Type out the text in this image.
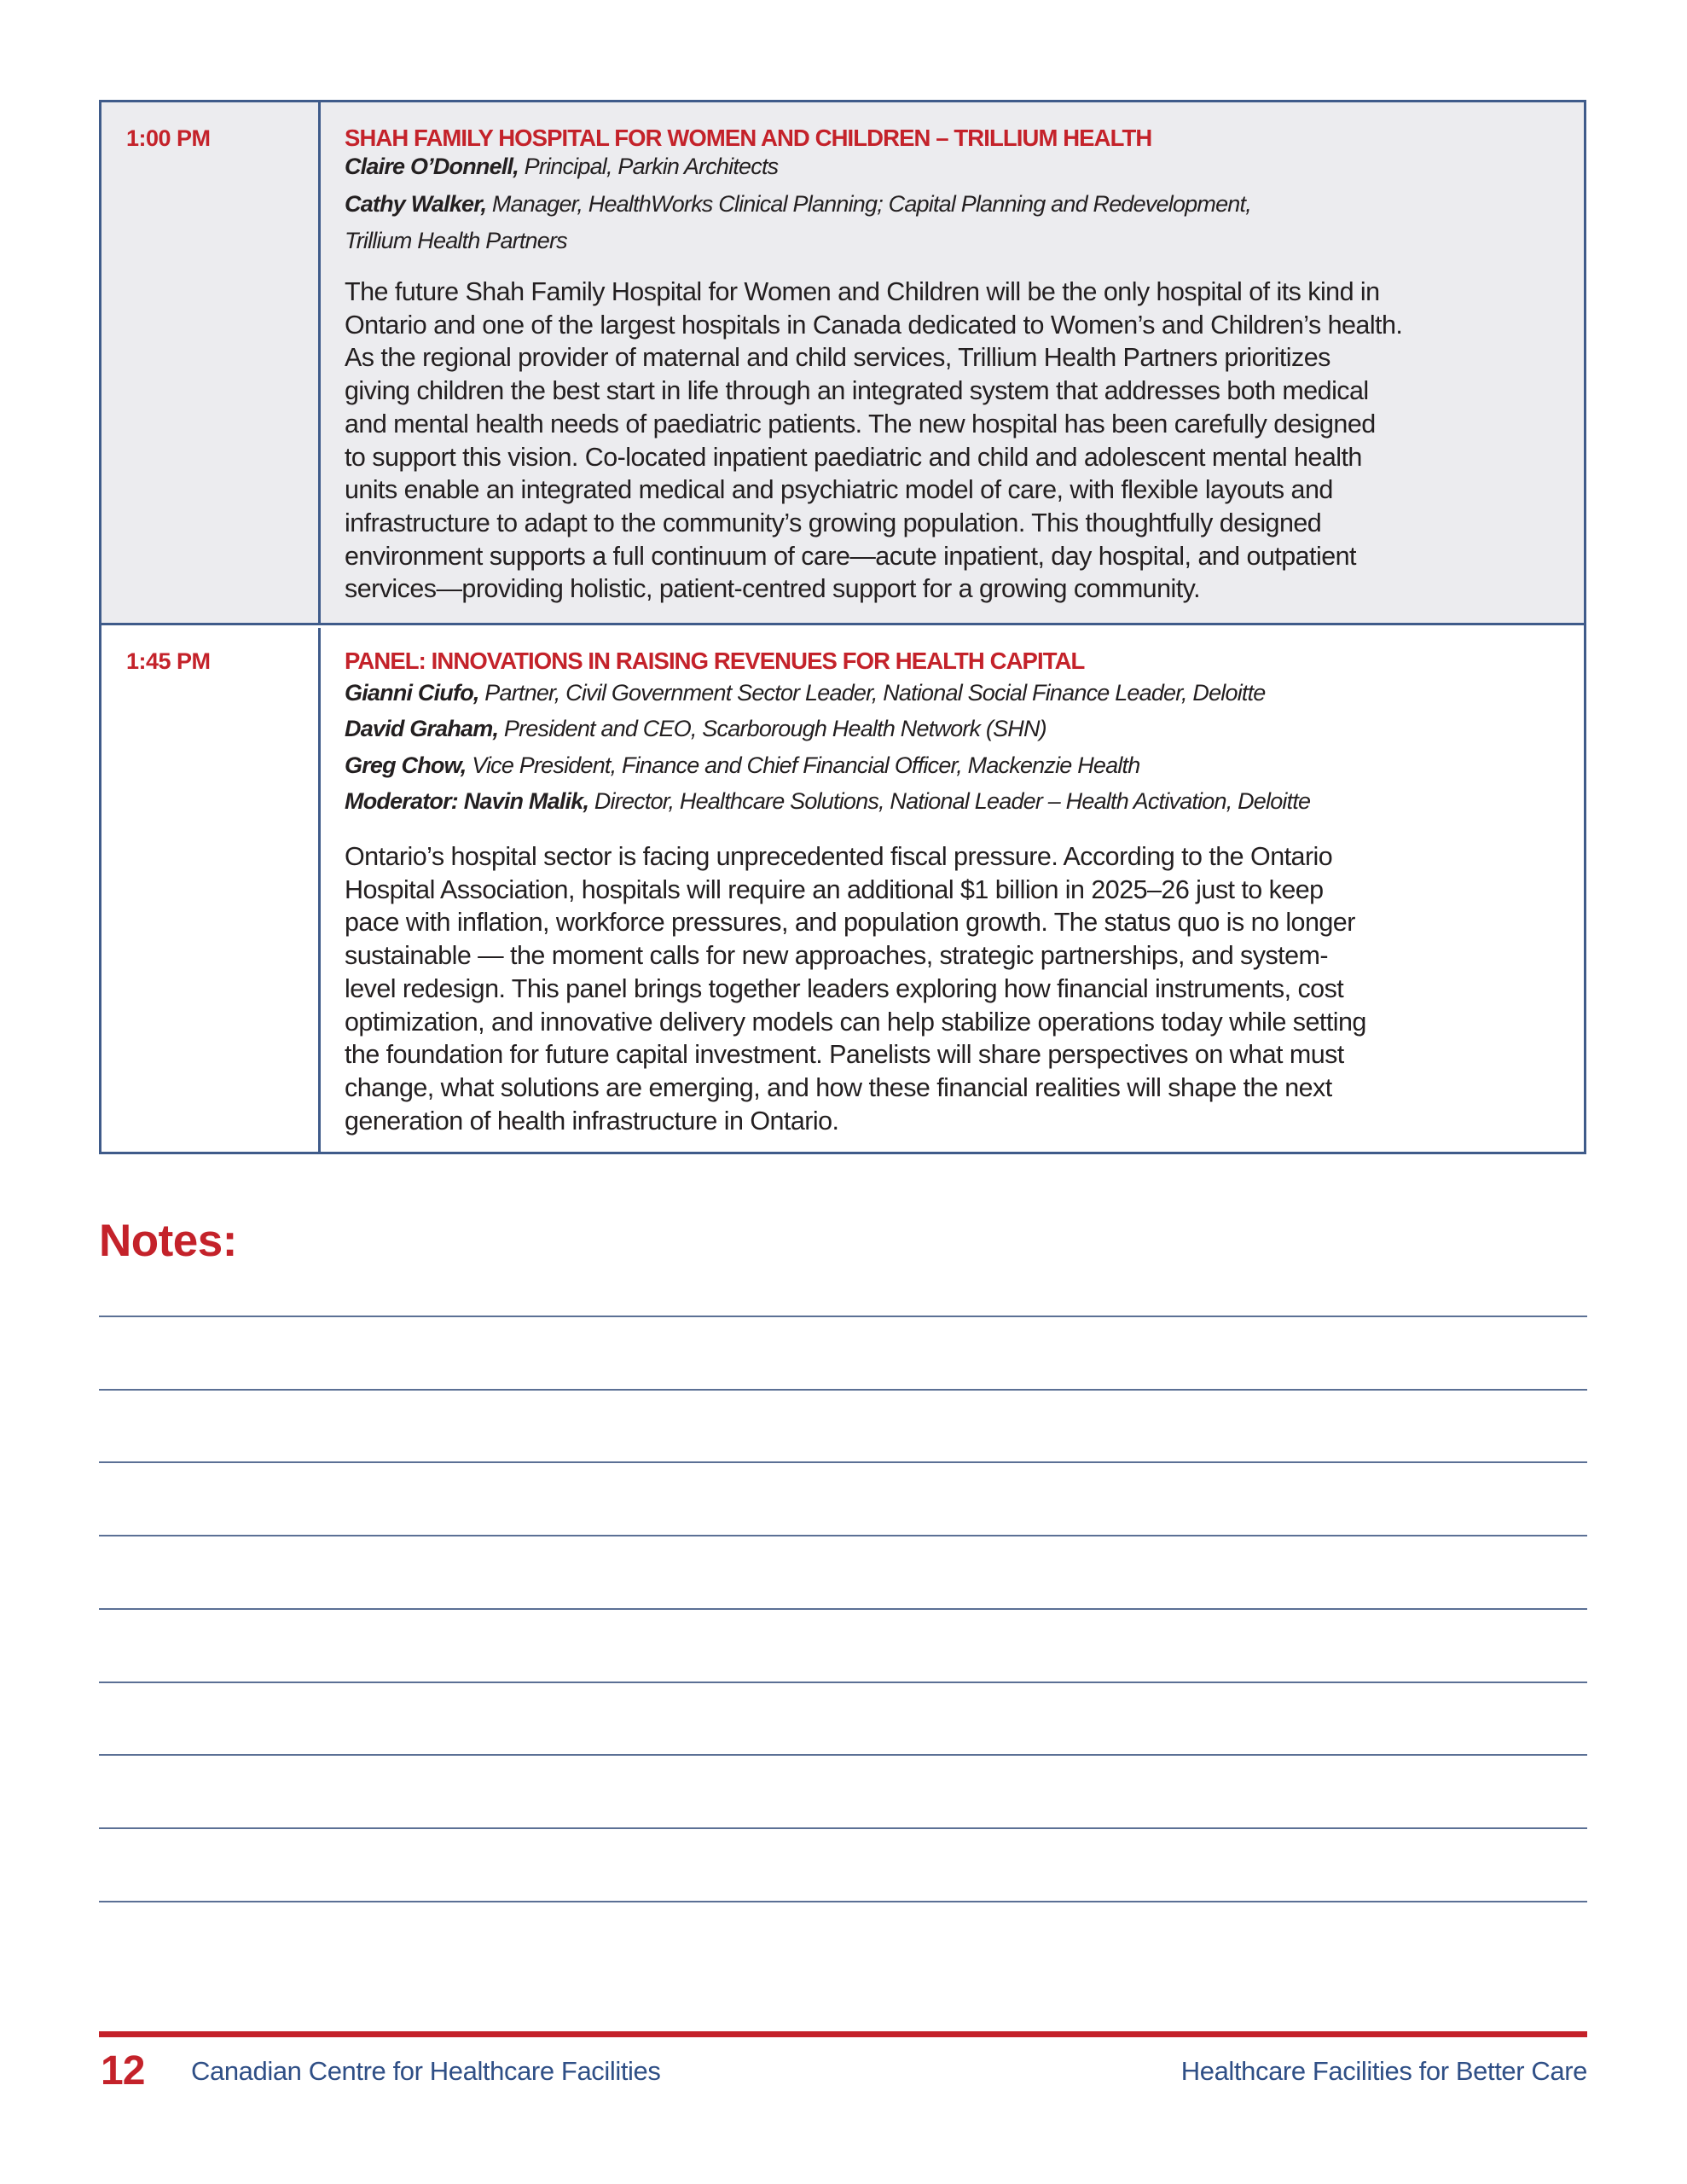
1:00 PM	SHAH FAMILY HOSPITAL FOR WOMEN AND CHILDREN – TRILLIUM HEALTH
Claire O’Donnell, Principal, Parkin Architects
Cathy Walker, Manager, HealthWorks Clinical Planning; Capital Planning and Redevelopment,
Trillium Health Partners
The future Shah Family Hospital for Women and Children will be the only hospital of its kind in
Ontario and one of the largest hospitals in Canada dedicated to Women’s and Children’s health.
As the regional provider of maternal and child services, Trillium Health Partners prioritizes
giving children the best start in life through an integrated system that addresses both medical
and mental health needs of paediatric patients. The new hospital has been carefully designed
to support this vision. Co-located inpatient paediatric and child and adolescent mental health
units enable an integrated medical and psychiatric model of care, with flexible layouts and
infrastructure to adapt to the community’s growing population. This thoughtfully designed
environment supports a full continuum of care—acute inpatient, day hospital, and outpatient
services—providing holistic, patient-centred support for a growing community.
1:45 PM	PANEL: INNOVATIONS IN RAISING REVENUES FOR HEALTH CAPITAL
Gianni Ciufo, Partner, Civil Government Sector Leader, National Social Finance Leader, Deloitte
David Graham, President and CEO, Scarborough Health Network (SHN)
Greg Chow, Vice President, Finance and Chief Financial Officer, Mackenzie Health
Moderator: Navin Malik, Director, Healthcare Solutions, National Leader – Health Activation, Deloitte
Ontario’s hospital sector is facing unprecedented fiscal pressure. According to the Ontario
Hospital Association, hospitals will require an additional $1 billion in 2025–26 just to keep
pace with inflation, workforce pressures, and population growth. The status quo is no longer
sustainable — the moment calls for new approaches, strategic partnerships, and system-
level redesign. This panel brings together leaders exploring how financial instruments, cost
optimization, and innovative delivery models can help stabilize operations today while setting
the foundation for future capital investment. Panelists will share perspectives on what must
change, what solutions are emerging, and how these financial realities will shape the next
generation of health infrastructure in Ontario.
Notes:
12 Canadian Centre for Healthcare Facilities	Healthcare Facilities for Better Care
